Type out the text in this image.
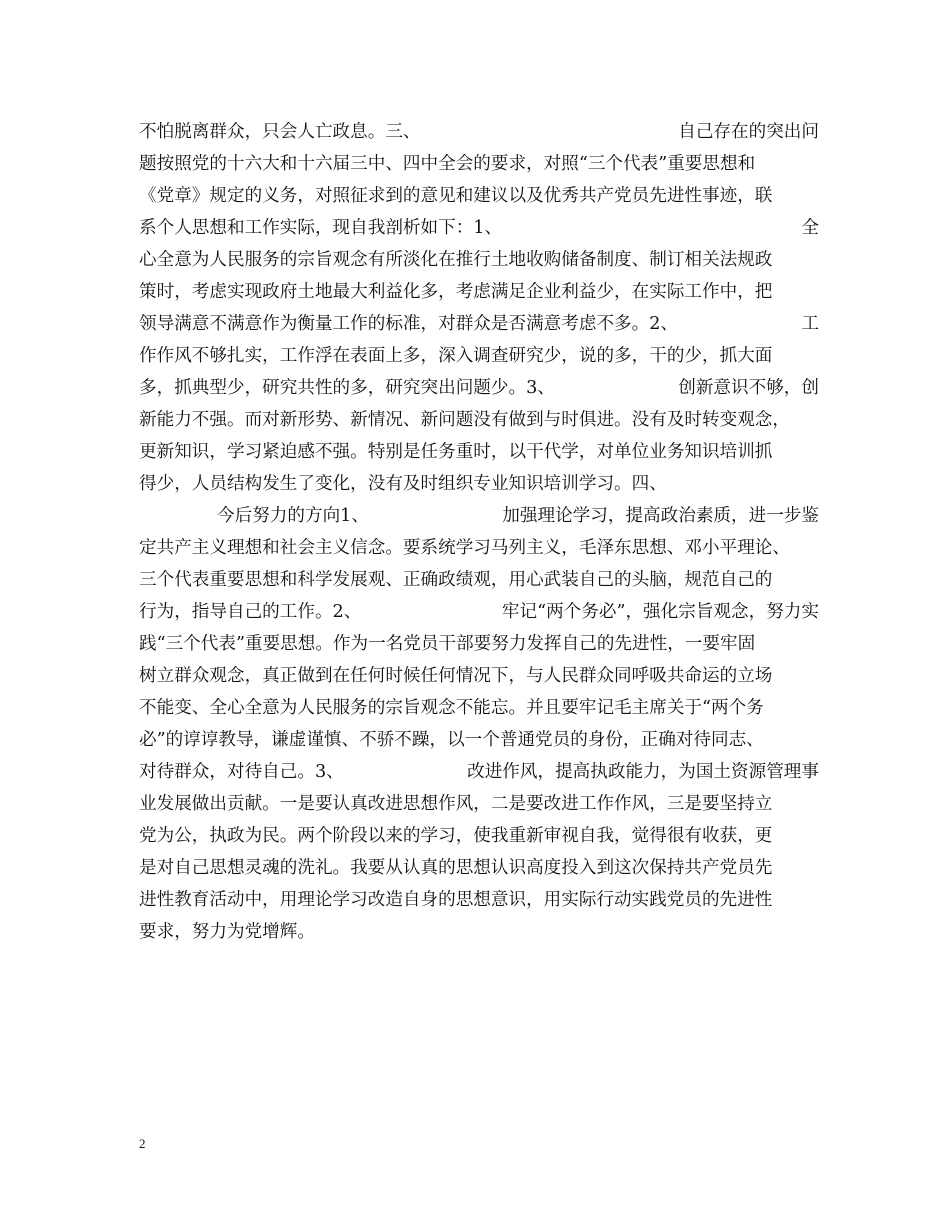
不怕脱离群众，只会人亡政息。三、	自己存在的突出问
题按照党的十六大和十六届三中、四中全会的要求，对照“三个代表”重要思想和
《党章》规定的义务，对照征求到的意见和建议以及优秀共产党员先进性事迹，联
系个人思想和工作实际，现自我剖析如下：1、	全
心全意为人民服务的宗旨观念有所淡化在推行土地收购储备制度、制订相关法规政
策时，考虑实现政府土地最大利益化多，考虑满足企业利益少，在实际工作中，把
领导满意不满意作为衡量工作的标准，对群众是否满意考虑不多。2、	工
作作风不够扎实，工作浮在表面上多，深入调查研究少，说的多，干的少，抓大面
多，抓典型少，研究共性的多，研究突出问题少。3、	创新意识不够，创
新能力不强。而对新形势、新情况、新问题没有做到与时俱进。没有及时转变观念，
更新知识，学习紧迫感不强。特别是任务重时，以干代学，对单位业务知识培训抓
得少，人员结构发生了变化，没有及时组织专业知识培训学习。四、
今后努力的方向1、	加强理论学习，提高政治素质，进一步鉴
定共产主义理想和社会主义信念。要系统学习马列主义，毛泽东思想、邓小平理论、
三个代表重要思想和科学发展观、正确政绩观，用心武装自己的头脑，规范自己的
行为，指导自己的工作。2、	牢记“两个务必”，强化宗旨观念，努力实
践“三个代表”重要思想。作为一名党员干部要努力发挥自己的先进性，一要牢固
树立群众观念，真正做到在任何时候任何情况下，与人民群众同呼吸共命运的立场
不能变、全心全意为人民服务的宗旨观念不能忘。并且要牢记毛主席关于“两个务
必”的谆谆教导，谦虚谨慎、不骄不躁，以一个普通党员的身份，正确对待同志、
对待群众，对待自己。3、	改进作风，提高执政能力，为国土资源管理事
业发展做出贡献。一是要认真改进思想作风，二是要改进工作作风，三是要坚持立
党为公，执政为民。两个阶段以来的学习，使我重新审视自我，觉得很有收获，更
是对自己思想灵魂的洗礼。我要从认真的思想认识高度投入到这次保持共产党员先
进性教育活动中，用理论学习改造自身的思想意识，用实际行动实践党员的先进性
要求，努力为党增辉。
2
